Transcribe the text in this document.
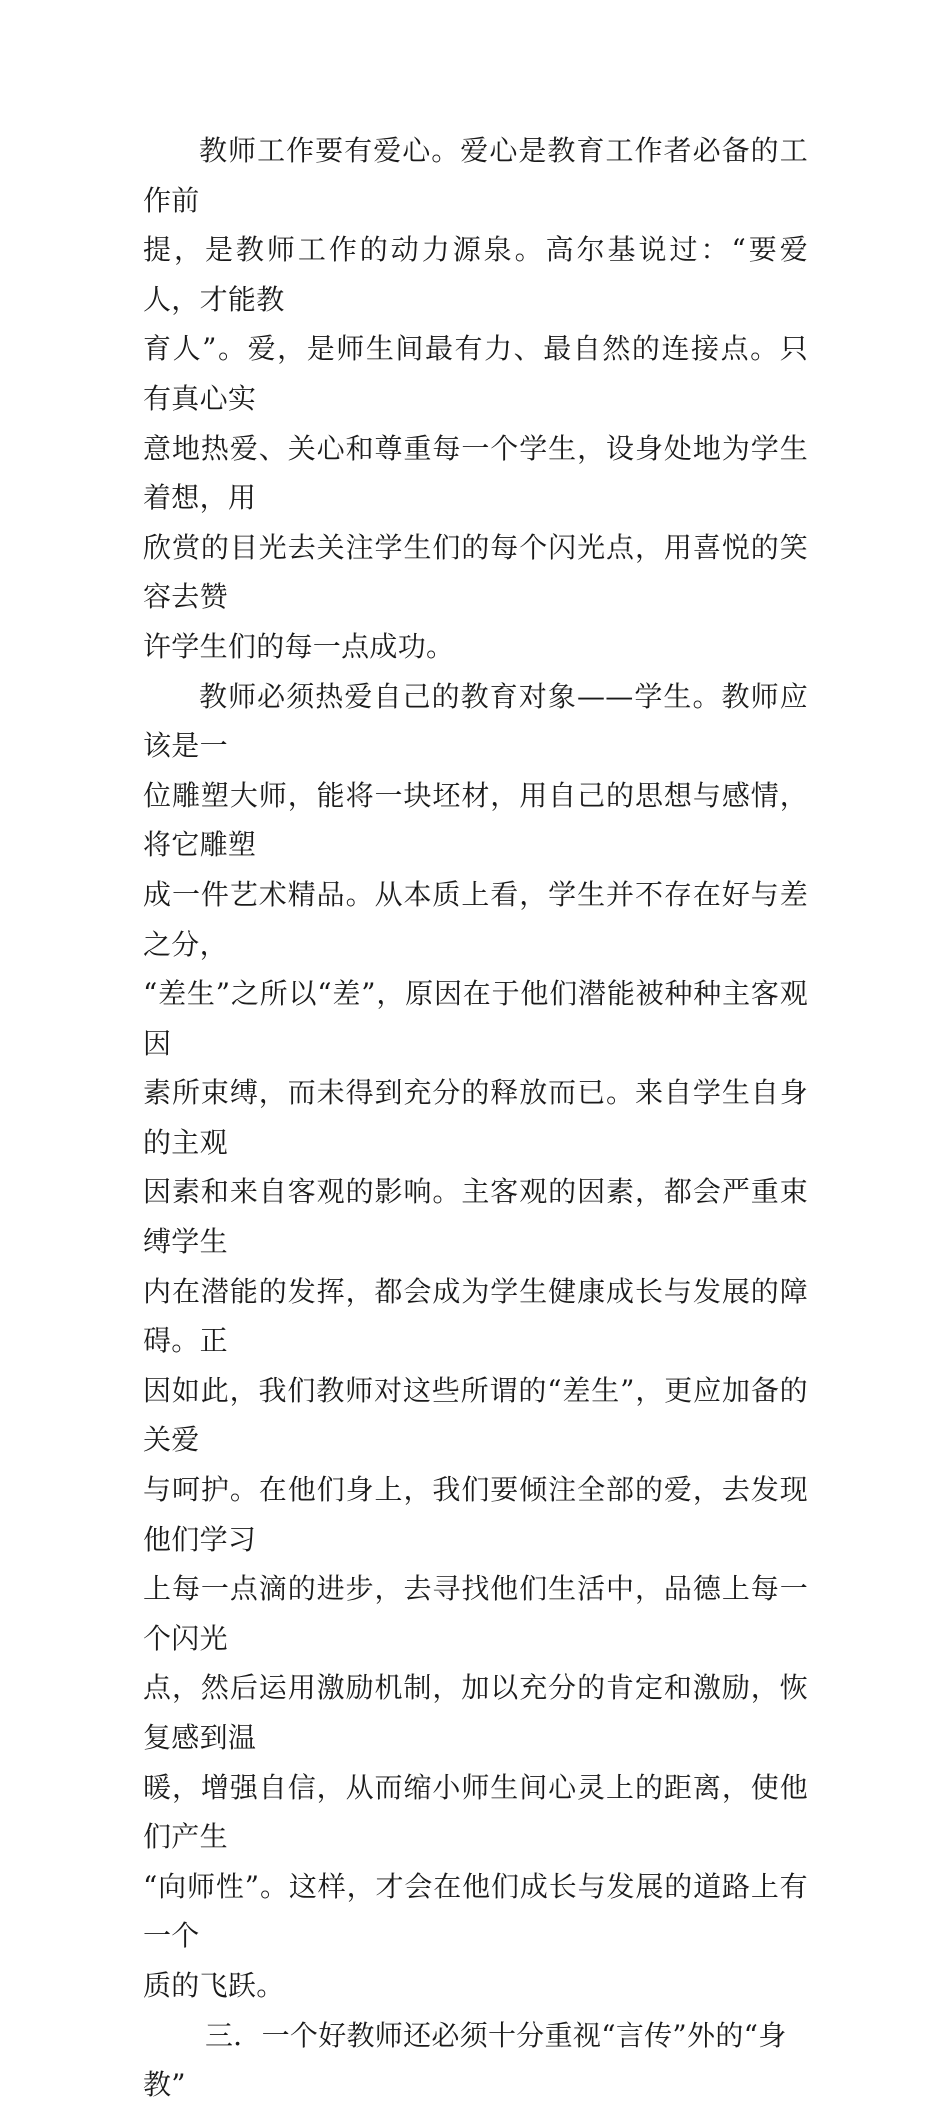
教师工作要有爱心。爱心是教育工作者必备的工作前
提，是教师工作的动力源泉。高尔基说过：“要爱人，才能教
育人”。爱，是师生间最有力、最自然的连接点。只有真心实
意地热爱、关心和尊重每一个学生，设身处地为学生着想，用
欣赏的目光去关注学生们的每个闪光点，用喜悦的笑容去赞
许学生们的每一点成功。

教师必须热爱自己的教育对象——学生。教师应该是一
位雕塑大师，能将一块坯材，用自己的思想与感情，将它雕塑
成一件艺术精品。从本质上看，学生并不存在好与差之分，
“差生”之所以“差”，原因在于他们潜能被种种主客观因
素所束缚，而未得到充分的释放而已。来自学生自身的主观
因素和来自客观的影响。主客观的因素，都会严重束缚学生
内在潜能的发挥，都会成为学生健康成长与发展的障碍。正
因如此，我们教师对这些所谓的“差生”，更应加备的关爱
与呵护。在他们身上，我们要倾注全部的爱，去发现他们学习
上每一点滴的进步，去寻找他们生活中，品德上每一个闪光
点，然后运用激励机制，加以充分的肯定和激励，恢复感到温
暖，增强自信，从而缩小师生间心灵上的距离，使他们产生
“向师性”。这样，才会在他们成长与发展的道路上有一个
质的飞跃。

三．一个好教师还必须十分重视“言传”外的“身
教”
